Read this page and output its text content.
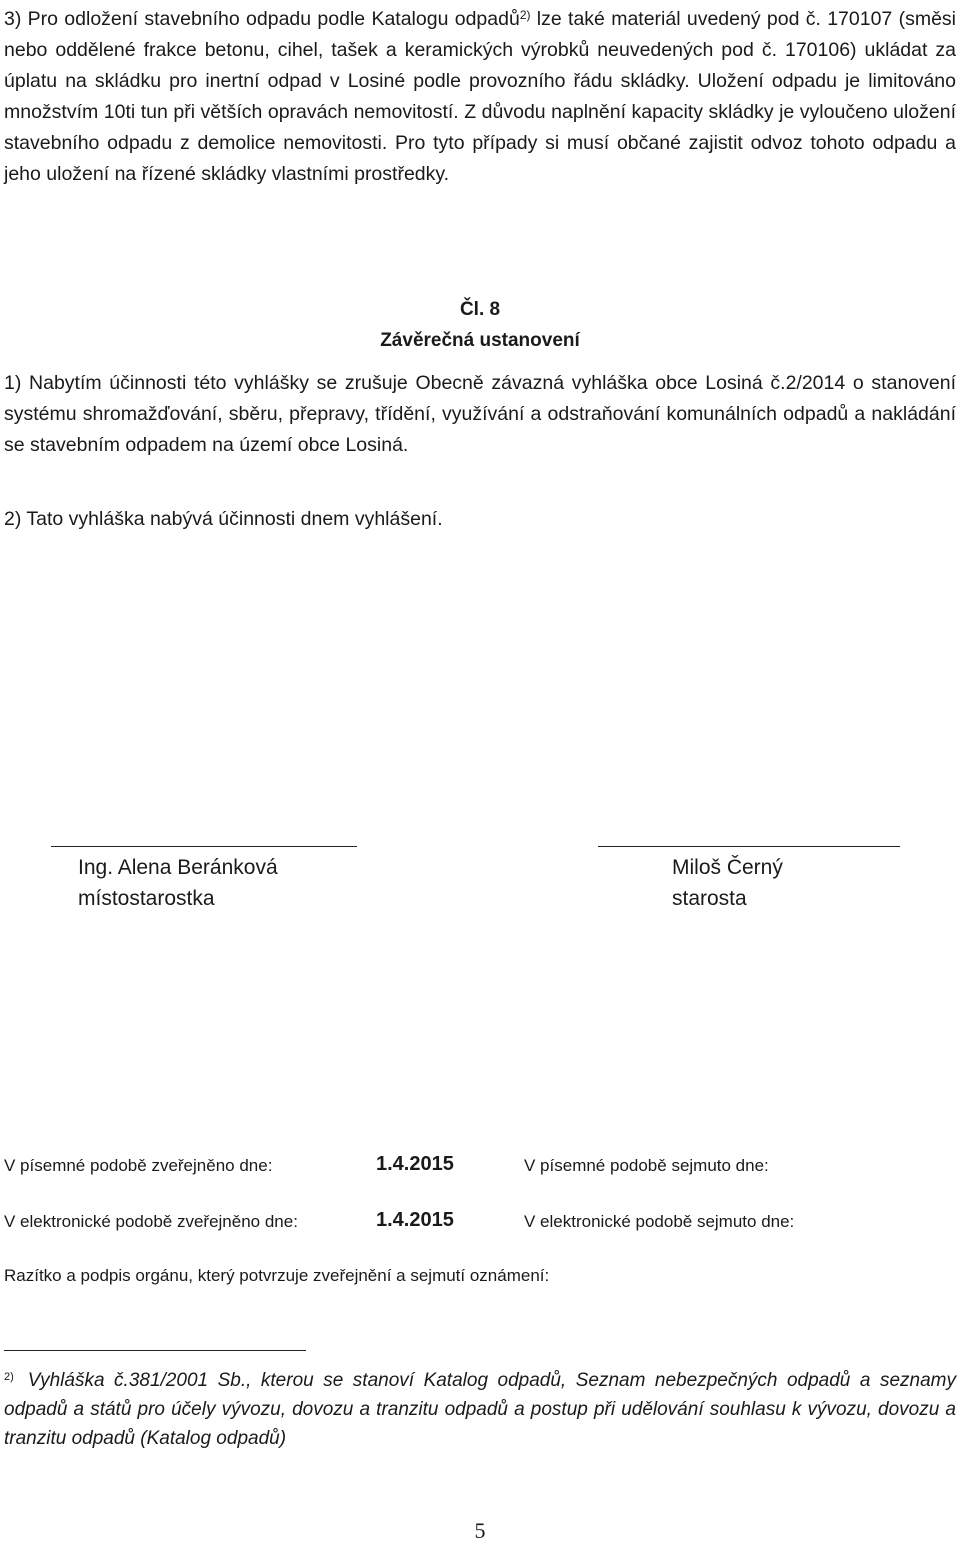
3) Pro odložení stavebního odpadu podle Katalogu odpadů$^{2)}$ lze také materiál uvedený pod č. 170107 (směsi nebo oddělené frakce betonu, cihel, tašek a keramických výrobků neuvedených pod č. 170106) ukládat za úplatu na skládku pro inertní odpad v Losiné podle provozního řádu skládky. Uložení odpadu je limitováno množstvím 10ti tun při větších opravách nemovitostí. Z důvodu naplnění kapacity skládky je vyloučeno uložení stavebního odpadu z demolice nemovitosti. Pro tyto případy si musí občané zajistit odvoz tohoto odpadu a jeho uložení na řízené skládky vlastními prostředky.

Čl. 8

Závěrečná ustanovení

1) Nabytím účinnosti této vyhlášky se zrušuje Obecně závazná vyhláška obce Losiná č.2/2014 o stanovení systému shromažďování, sběru, přepravy, třídění, využívání a odstraňování komunálních odpadů a nakládání se stavebním odpadem na území obce Losiná.

2) Tato vyhláška nabývá účinnosti dnem vyhlášení.

Ing. Alena Beránková

místostarostka

Miloš Černý

starosta

V písemné podobě zveřejněno dne:	1.4.2015	V písemné podobě sejmuto dne:

V elektronické podobě zveřejněno dne:	1.4.2015	V elektronické podobě sejmuto dne:

Razítko a podpis orgánu, který potvrzuje zveřejnění a sejmutí oznámení:

$^{2)}$ Vyhláška č.381/2001 Sb., kterou se stanoví Katalog odpadů, Seznam nebezpečných odpadů a seznamy odpadů a států pro účely vývozu, dovozu a tranzitu odpadů a postup při udělování souhlasu k vývozu, dovozu a tranzitu odpadů (Katalog odpadů)

5
